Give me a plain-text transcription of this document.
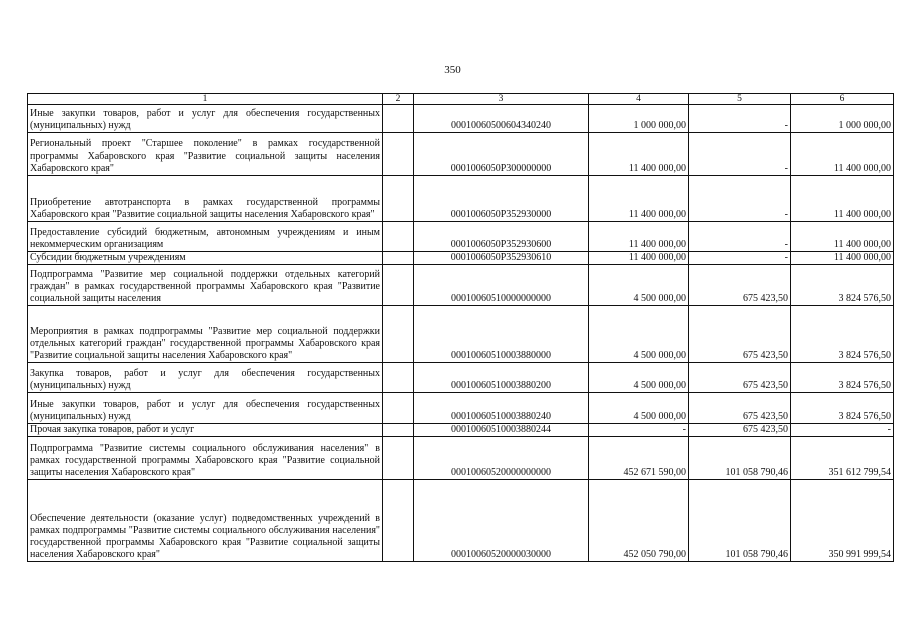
350
1	2	3	4	5	6
Иные закупки товаров, работ и услуг для обеспечения государственных (муниципальных) нужд		00010060500604340240	1 000 000,00	-	1 000 000,00
Региональный проект "Старшее поколение" в рамках государственной программы Хабаровского края "Развитие социальной защиты населения Хабаровского края"		0001006050P300000000	11 400 000,00	-	11 400 000,00
Приобретение автотранспорта в рамках государственной программы Хабаровского края "Развитие социальной защиты населения Хабаровского края"		0001006050P352930000	11 400 000,00	-	11 400 000,00
Предоставление субсидий бюджетным, автономным учреждениям и иным некоммерческим организациям		0001006050P352930600	11 400 000,00	-	11 400 000,00
Субсидии бюджетным учреждениям		0001006050P352930610	11 400 000,00	-	11 400 000,00
Подпрограмма "Развитие мер социальной поддержки отдельных категорий граждан" в рамках государственной программы Хабаровского края "Развитие социальной защиты населения		00010060510000000000	4 500 000,00	675 423,50	3 824 576,50
Мероприятия в рамках подпрограммы "Развитие мер социальной поддержки отдельных категорий граждан" государственной программы Хабаровского края "Развитие социальной защиты населения Хабаровского края"		00010060510003880000	4 500 000,00	675 423,50	3 824 576,50
Закупка товаров, работ и услуг для обеспечения государственных (муниципальных) нужд		00010060510003880200	4 500 000,00	675 423,50	3 824 576,50
Иные закупки товаров, работ и услуг для обеспечения государственных (муниципальных) нужд		00010060510003880240	4 500 000,00	675 423,50	3 824 576,50
Прочая закупка товаров, работ и услуг		00010060510003880244	-	675 423,50	-
Подпрограмма "Развитие системы социального обслуживания населения" в рамках государственной программы Хабаровского края "Развитие социальной защиты населения Хабаровского края"		00010060520000000000	452 671 590,00	101 058 790,46	351 612 799,54
Обеспечение деятельности (оказание услуг) подведомственных учреждений в рамках подпрограммы "Развитие системы социального обслуживания населения" государственной программы Хабаровского края "Развитие социальной защиты населения Хабаровского края"		00010060520000030000	452 050 790,00	101 058 790,46	350 991 999,54
